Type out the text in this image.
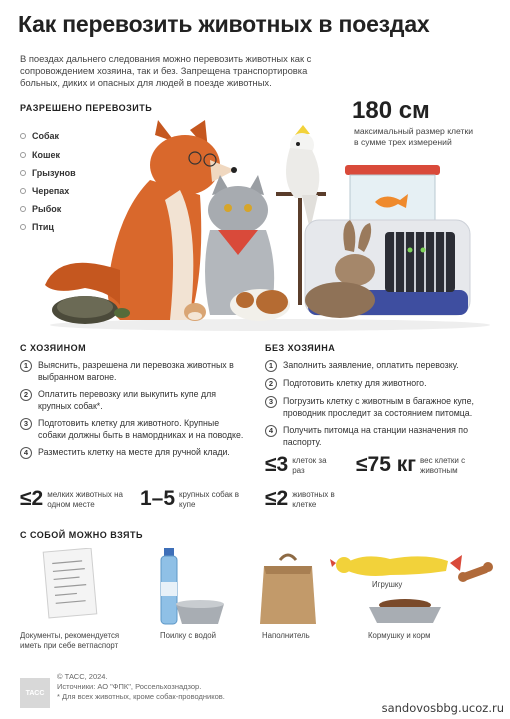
Как перевозить животных в поездах
В поездах дальнего следования можно перевозить животных как с сопровождением хозяина, так и без. Запрещена транспортировка больных, диких и опасных для людей в поезде животных.
РАЗРЕШЕНО ПЕРЕВОЗИТЬ
Собак
Кошек
Грызунов
Черепах
Рыбок
Птиц
180 см
максимальный размер клетки в сумме трех измерений
С ХОЗЯИНОМ
1	Выяснить, разрешена ли перевозка животных в выбранном вагоне.
2	Оплатить перевозку или выкупить купе для крупных собак*.
3	Подготовить клетку для животного. Крупные собаки должны быть в намордниках и на поводке.
4	Разместить клетку на месте для ручной клади.
≤2 мелких животных на одном месте	1–5 крупных собак в купе
БЕЗ ХОЗЯИНА
1	Заполнить заявление, оплатить перевозку.
2	Подготовить клетку для животного.
3	Погрузить клетку с животным в багажное купе, проводник проследит за состоянием питомца.
4	Получить питомца на станции назначения по паспорту.
≤3 клеток за раз	≤75 кг вес клетки с животным
≤2 животных в клетке
С СОБОЙ МОЖНО ВЗЯТЬ
Документы, рекомендуется иметь при себе ветпаспорт
Поилку с водой	Наполнитель
Игрушку
Кормушку и корм
ТАСС
© ТАСС, 2024.
Источники: АО "ФПК", Россельхознадзор.
* Для всех животных, кроме собак-проводников.
sandovosbbg.ucoz.ru
